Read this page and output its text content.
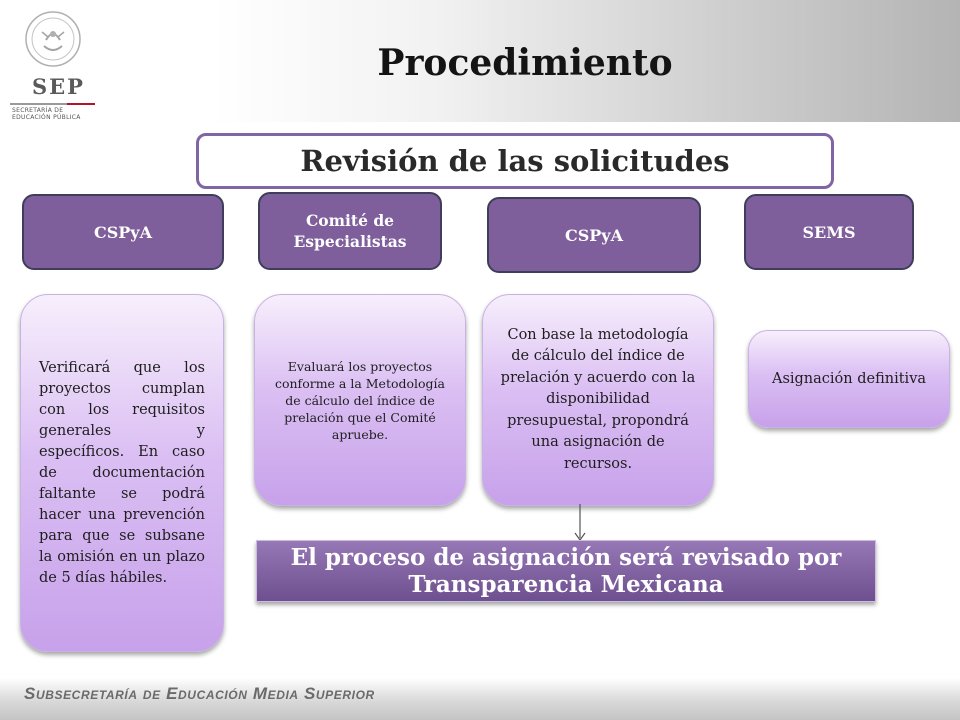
SEP
SECRETARÍA DE
EDUCACIÓN PÚBLICA
Procedimiento
Revisión de las solicitudes
CSPyA
Comité de Especialistas	CSPyA	SEMS
Verificará que los proyectos cumplan con los requisitos generales y específicos. En caso de documentación faltante se podrá hacer una prevención para que se subsane la omisión en un plazo de 5 días hábiles.
Evaluará los proyectos conforme a la Metodología de cálculo del índice de prelación que el Comité apruebe.
Con base la metodología de cálculo del índice de prelación y acuerdo con la disponibilidad presupuestal, propondrá una asignación de recursos.
Asignación definitiva
El proceso de asignación será revisado por Transparencia Mexicana
Subsecretaría de Educación Media Superior
